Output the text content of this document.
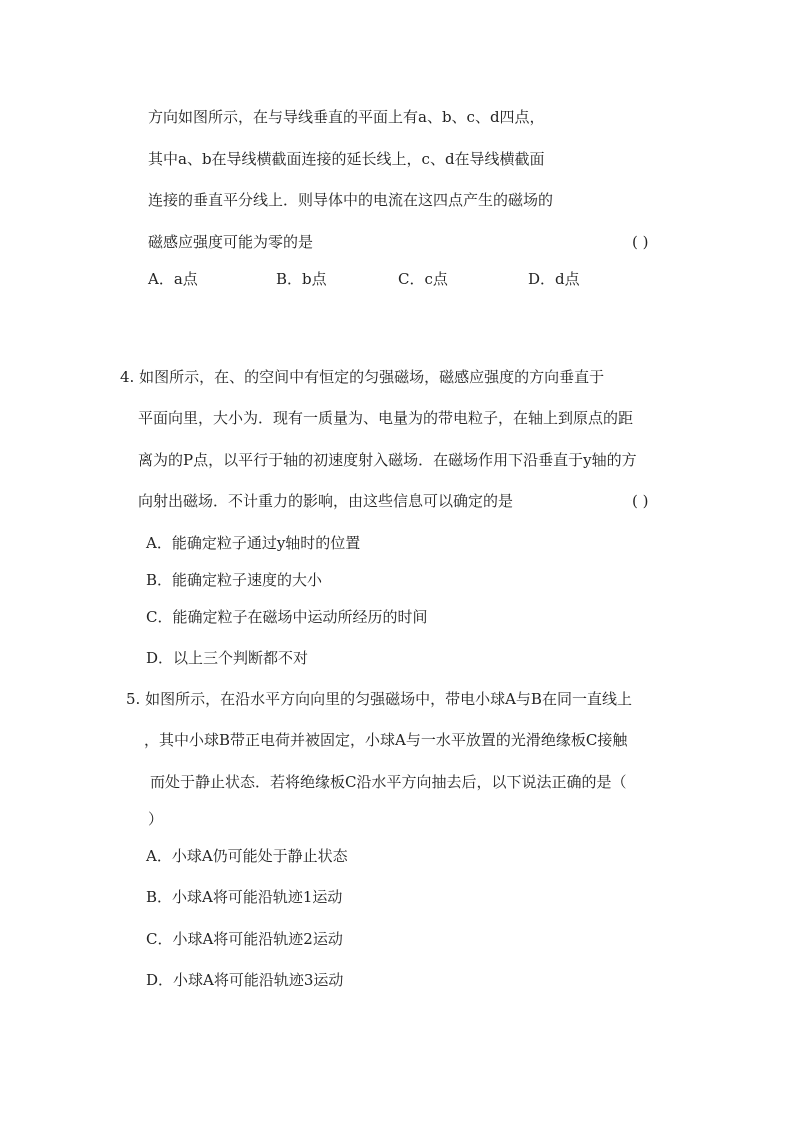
方向如图所示，在与导线垂直的平面上有a、b、c、d四点，
其中a、b在导线横截面连接的延长线上，c、d在导线横截面
连接的垂直平分线上．则导体中的电流在这四点产生的磁场的
磁感应强度可能为零的是	( )
A．a点	B．b点	C．c点	D．d点
4. 如图所示，在、的空间中有恒定的匀强磁场，磁感应强度的方向垂直于
平面向里，大小为．现有一质量为、电量为的带电粒子，在轴上到原点的距
离为的P点，以平行于轴的初速度射入磁场．在磁场作用下沿垂直于y轴的方
向射出磁场．不计重力的影响，由这些信息可以确定的是	( )
A．能确定粒子通过y轴时的位置
B．能确定粒子速度的大小
C．能确定粒子在磁场中运动所经历的时间
D．以上三个判断都不对
5. 如图所示，在沿水平方向向里的匀强磁场中，带电小球A与B在同一直线上
，其中小球B带正电荷并被固定，小球A与一水平放置的光滑绝缘板C接触
而处于静止状态．若将绝缘板C沿水平方向抽去后，以下说法正确的是（
）
A．小球A仍可能处于静止状态
B．小球A将可能沿轨迹1运动
C．小球A将可能沿轨迹2运动
D．小球A将可能沿轨迹3运动
